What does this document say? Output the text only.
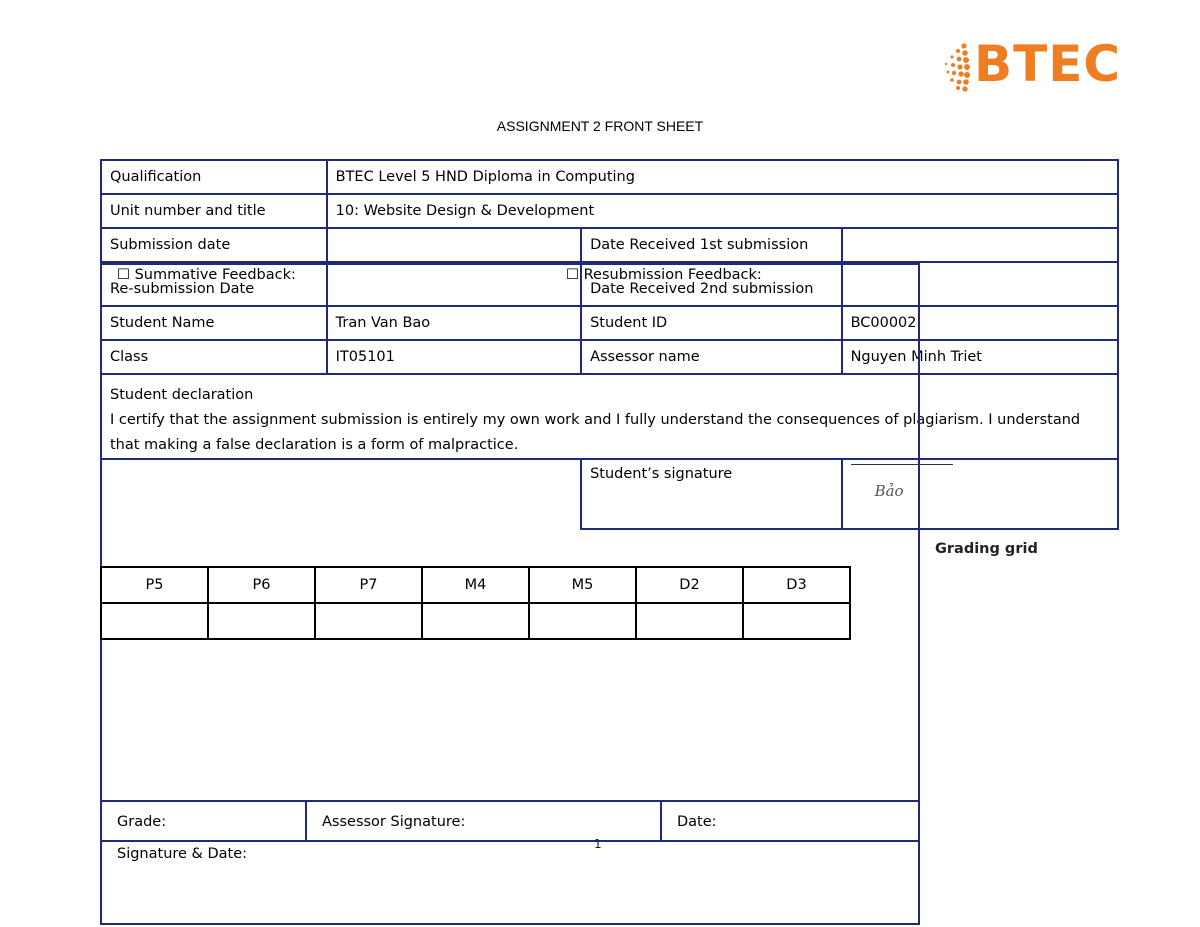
BTEC
ASSIGNMENT 2 FRONT SHEET
Qualification	BTEC Level 5 HND Diploma in Computing		
Unit number and title	10: Website Design & Development		
Submission date		Date Received 1st submission	
Re-submission Date		Date Received 2nd submission	
Student Name	Tran Van Bao	Student ID	BC00002
Class	IT05101	Assessor name	Nguyen Minh Triet

Student declaration
I certify that the assignment submission is entirely my own work and I fully understand the consequences of plagiarism. I understand that making a false declaration is a form of malpractice.			

		Student’s signature	Bảo
☐ Summative Feedback:	☐ Resubmission Feedback:
Grading grid
P5	P6	P7	M4	M5	D2	D3

Grade:	Assessor Signature:	Date:
1
Signature & Date:
